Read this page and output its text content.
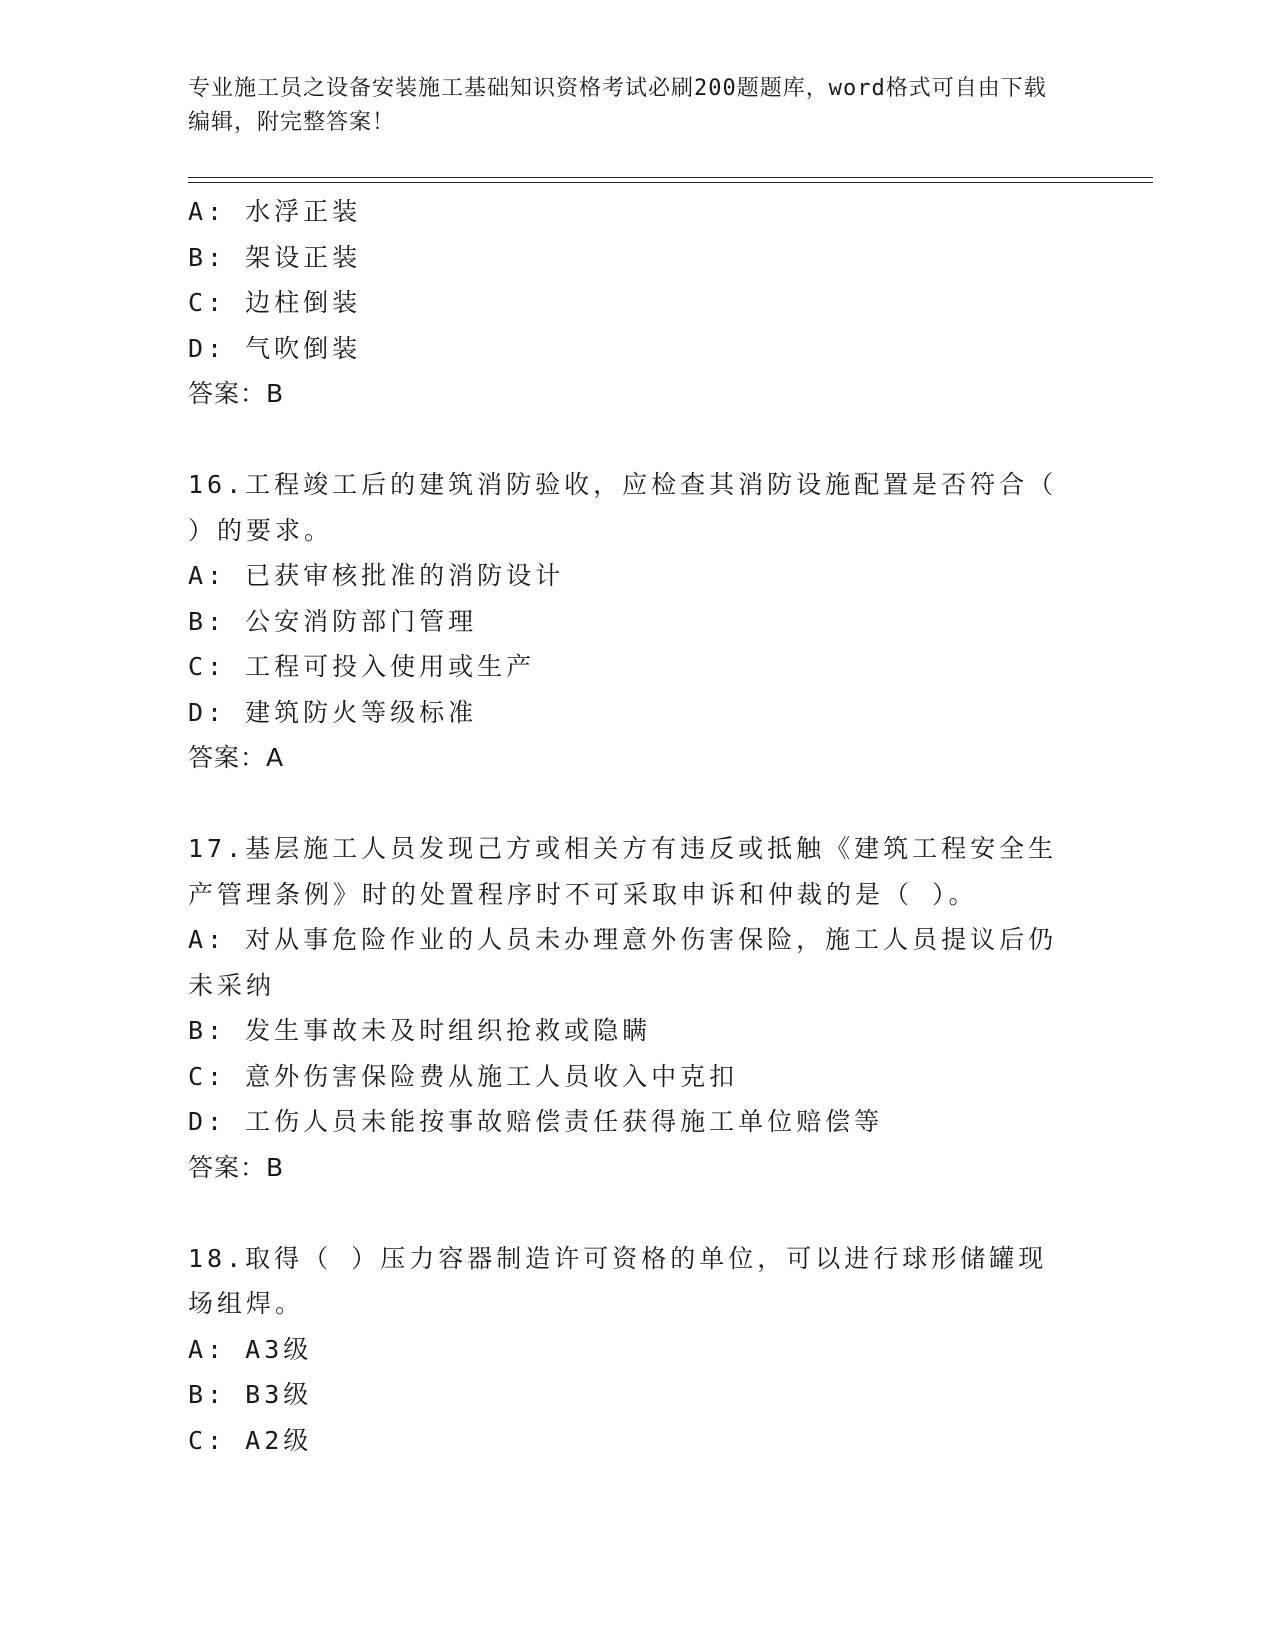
专业施工员之设备安装施工基础知识资格考试必刷200题题库，word格式可自由下载编辑，附完整答案！
A: 水浮正装
B: 架设正装
C: 边柱倒装
D: 气吹倒装
答案：B
16.工程竣工后的建筑消防验收，应检查其消防设施配置是否符合（ ）的要求。
A: 已获审核批准的消防设计
B: 公安消防部门管理
C: 工程可投入使用或生产
D: 建筑防火等级标准
答案：A
17.基层施工人员发现己方或相关方有违反或抵触《建筑工程安全生产管理条例》时的处置程序时不可采取申诉和仲裁的是（ ）。
A: 对从事危险作业的人员未办理意外伤害保险，施工人员提议后仍未采纳
B: 发生事故未及时组织抢救或隐瞒
C: 意外伤害保险费从施工人员收入中克扣
D: 工伤人员未能按事故赔偿责任获得施工单位赔偿等
答案：B
18.取得（ ）压力容器制造许可资格的单位，可以进行球形储罐现场组焊。
A: A3级
B: B3级
C: A2级
